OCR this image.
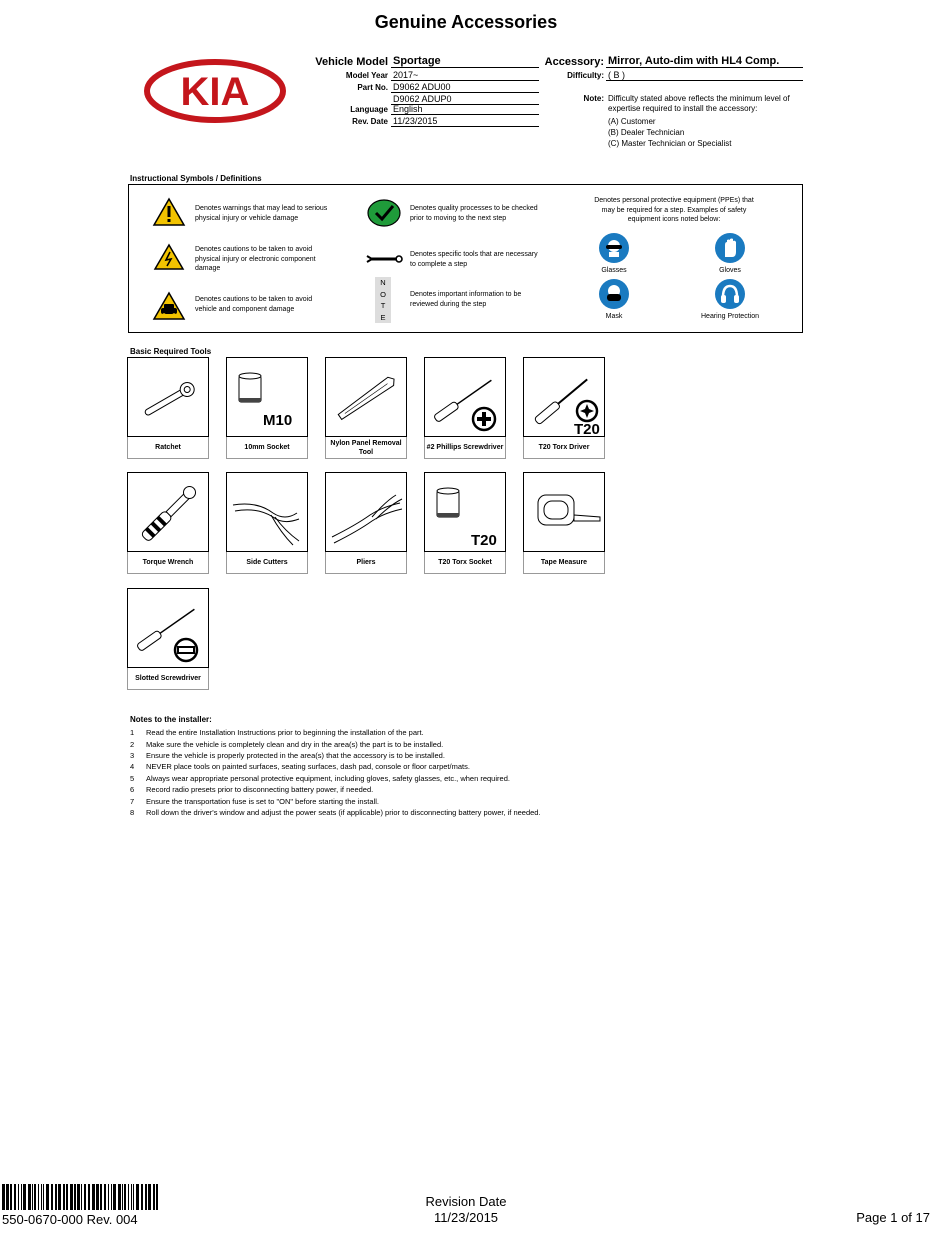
Genuine Accessories
KIA
Vehicle Model Sportage
Model Year 2017~
Part No. D9062 ADU00
D9062 ADUP0
Language English
Rev. Date 11/23/2015
Accessory: Mirror, Auto-dim with HL4 Comp.
Difficulty: ( B )
Note: Difficulty stated above reflects the minimum level of
expertise required to install the accessory:
(A) Customer
(B) Dealer Technician
(C) Master Technician or Specialist
Instructional Symbols / Definitions
Denotes warnings that may lead to serious
physical injury or vehicle damage
Denotes cautions to be taken to avoid
physical injury or electronic component
damage
Denotes cautions to be taken to avoid
vehicle and component damage
Denotes quality processes to be checked
prior to moving to the next step
Denotes specific tools that are necessary
to complete a step
N
O
T
E
Denotes important information to be
reviewed during the step
Denotes personal protective equipment (PPEs) that
may be required for a step. Examples of safety
equipment icons noted below:
Glasses	Gloves
Mask	Hearing Protection
Basic Required Tools
Ratchet
M10
10mm Socket
Nylon Panel Removal Tool
#2 Phillips Screwdriver
T20
T20 Torx Driver
Torque Wrench	Side Cutters	Pliers
T20
T20 Torx Socket	Tape Measure
Slotted Screwdriver
Notes to the installer:
1 Read the entire Installation Instructions prior to beginning the installation of the part.
2 Make sure the vehicle is completely clean and dry in the area(s) the part is to be installed.
3 Ensure the vehicle is properly protected in the area(s) that the accessory is to be installed.
4 NEVER place tools on painted surfaces, seating surfaces, dash pad, console or floor carpet/mats.
5 Always wear appropriate personal protective equipment, including gloves, safety glasses, etc., when required.
6 Record radio presets prior to disconnecting battery power, if needed.
7 Ensure the transportation fuse is set to "ON" before starting the install.
8 Roll down the driver's window and adjust the power seats (if applicable) prior to disconnecting battery power, if needed.
550-0670-000 Rev. 004
Revision Date
11/23/2015	Page 1 of 17
